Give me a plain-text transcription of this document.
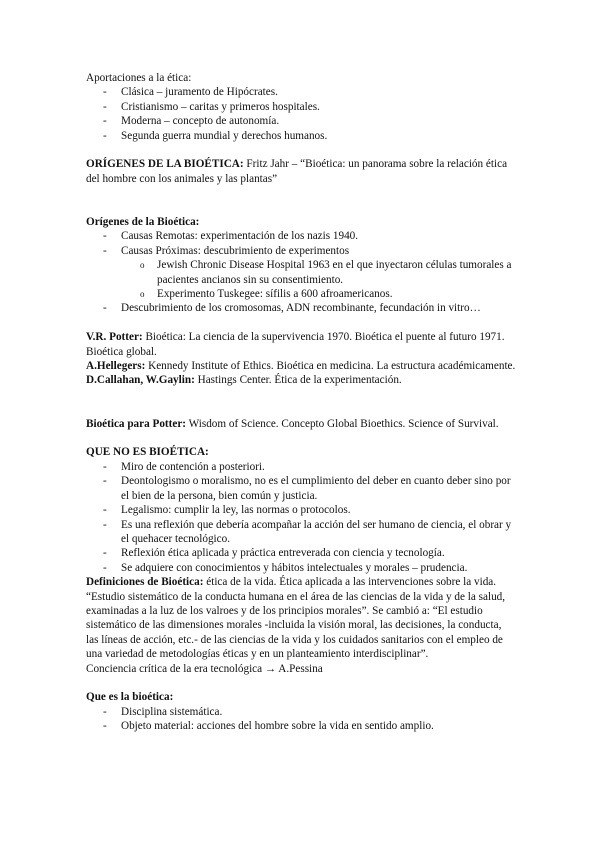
Aportaciones a la ética:

- Clásica – juramento de Hipócrates.

- Cristianismo – caritas y primeros hospitales.

- Moderna – concepto de autonomía.

- Segunda guerra mundial y derechos humanos.

ORÍGENES DE LA BIOÉTICA: Fritz Jahr – “Bioética: un panorama sobre la relación ética del hombre con los animales y las plantas”

Orígenes de la Bioética:

- Causas Remotas: experimentación de los nazis 1940.

- Causas Próximas: descubrimiento de experimentos

o Jewish Chronic Disease Hospital 1963 en el que inyectaron células tumorales a pacientes ancianos sin su consentimiento.

o Experimento Tuskegee: sífilis a 600 afroamericanos.

- Descubrimiento de los cromosomas, ADN recombinante, fecundación in vitro…

V.R. Potter: Bioética: La ciencia de la supervivencia 1970. Bioética el puente al futuro 1971. Bioética global.

A.Hellegers: Kennedy Institute of Ethics. Bioética en medicina. La estructura académicamente.

D.Callahan, W.Gaylin: Hastings Center. Ética de la experimentación.

Bioética para Potter: Wisdom of Science. Concepto Global Bioethics. Science of Survival.

QUE NO ES BIOÉTICA:

- Miro de contención a posteriori.

- Deontologismo o moralismo, no es el cumplimiento del deber en cuanto deber sino por el bien de la persona, bien común y justicia.

- Legalismo: cumplir la ley, las normas o protocolos.

- Es una reflexión que debería acompañar la acción del ser humano de ciencia, el obrar y el quehacer tecnológico.

- Reflexión ética aplicada y práctica entreverada con ciencia y tecnología.

- Se adquiere con conocimientos y hábitos intelectuales y morales – prudencia.

Definiciones de Bioética: ética de la vida. Ética aplicada a las intervenciones sobre la vida. “Estudio sistemático de la conducta humana en el área de las ciencias de la vida y de la salud, examinadas a la luz de los valroes y de los principios morales”. Se cambió a: “El estudio sistemático de las dimensiones morales -incluida la visión moral, las decisiones, la conducta, las líneas de acción, etc.- de las ciencias de la vida y los cuidados sanitarios con el empleo de una variedad de metodologías éticas y en un planteamiento interdisciplinar”.

Conciencia crítica de la era tecnológica → A.Pessina

Que es la bioética:

- Disciplina sistemática.

- Objeto material: acciones del hombre sobre la vida en sentido amplio.
